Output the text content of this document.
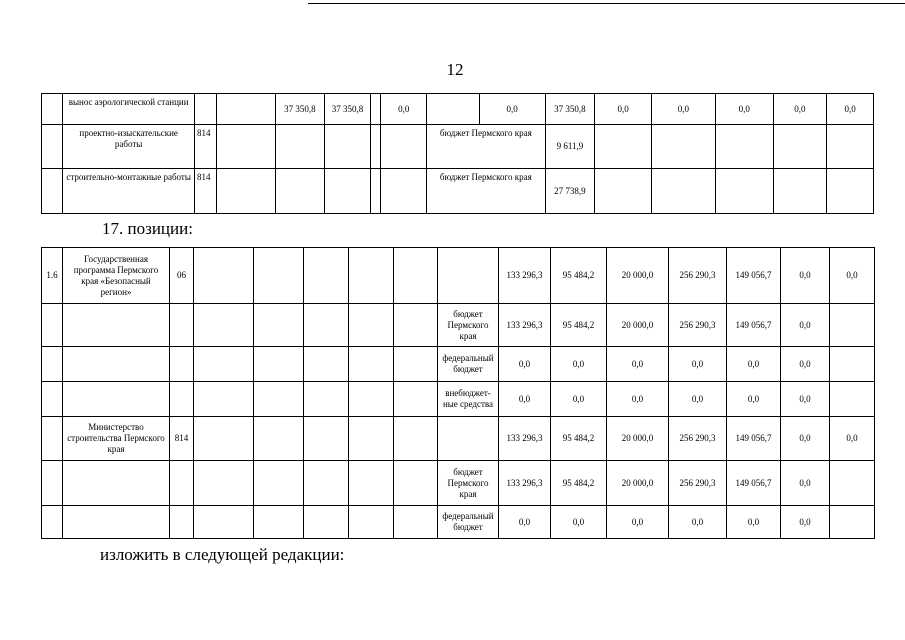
12
	вынос аэрологической станции			37 350,8	37 350,8		0,0		0,0	37 350,8	0,0	0,0	0,0	0,0	0,0
	проектно-изыскательские работы	814						бюджет Пермского края		9 611,9					
	строительно-монтажные работы	814						бюджет Пермского края		27 738,9					
17. позиции:
1.6	Государственная программа Пермского края «Безопасный регион»	06							133 296,3	95 484,2	20 000,0	256 290,3	149 056,7	0,0	0,0
								бюджет Пермского края	133 296,3	95 484,2	20 000,0	256 290,3	149 056,7	0,0	
								федеральный бюджет	0,0	0,0	0,0	0,0	0,0	0,0	
								внебюджет-ные средства	0,0	0,0	0,0	0,0	0,0	0,0	
	Министерство строительства Пермского края	814							133 296,3	95 484,2	20 000,0	256 290,3	149 056,7	0,0	0,0
								бюджет Пермского края	133 296,3	95 484,2	20 000,0	256 290,3	149 056,7	0,0	
								федеральный бюджет	0,0	0,0	0,0	0,0	0,0	0,0	
изложить в следующей редакции:
